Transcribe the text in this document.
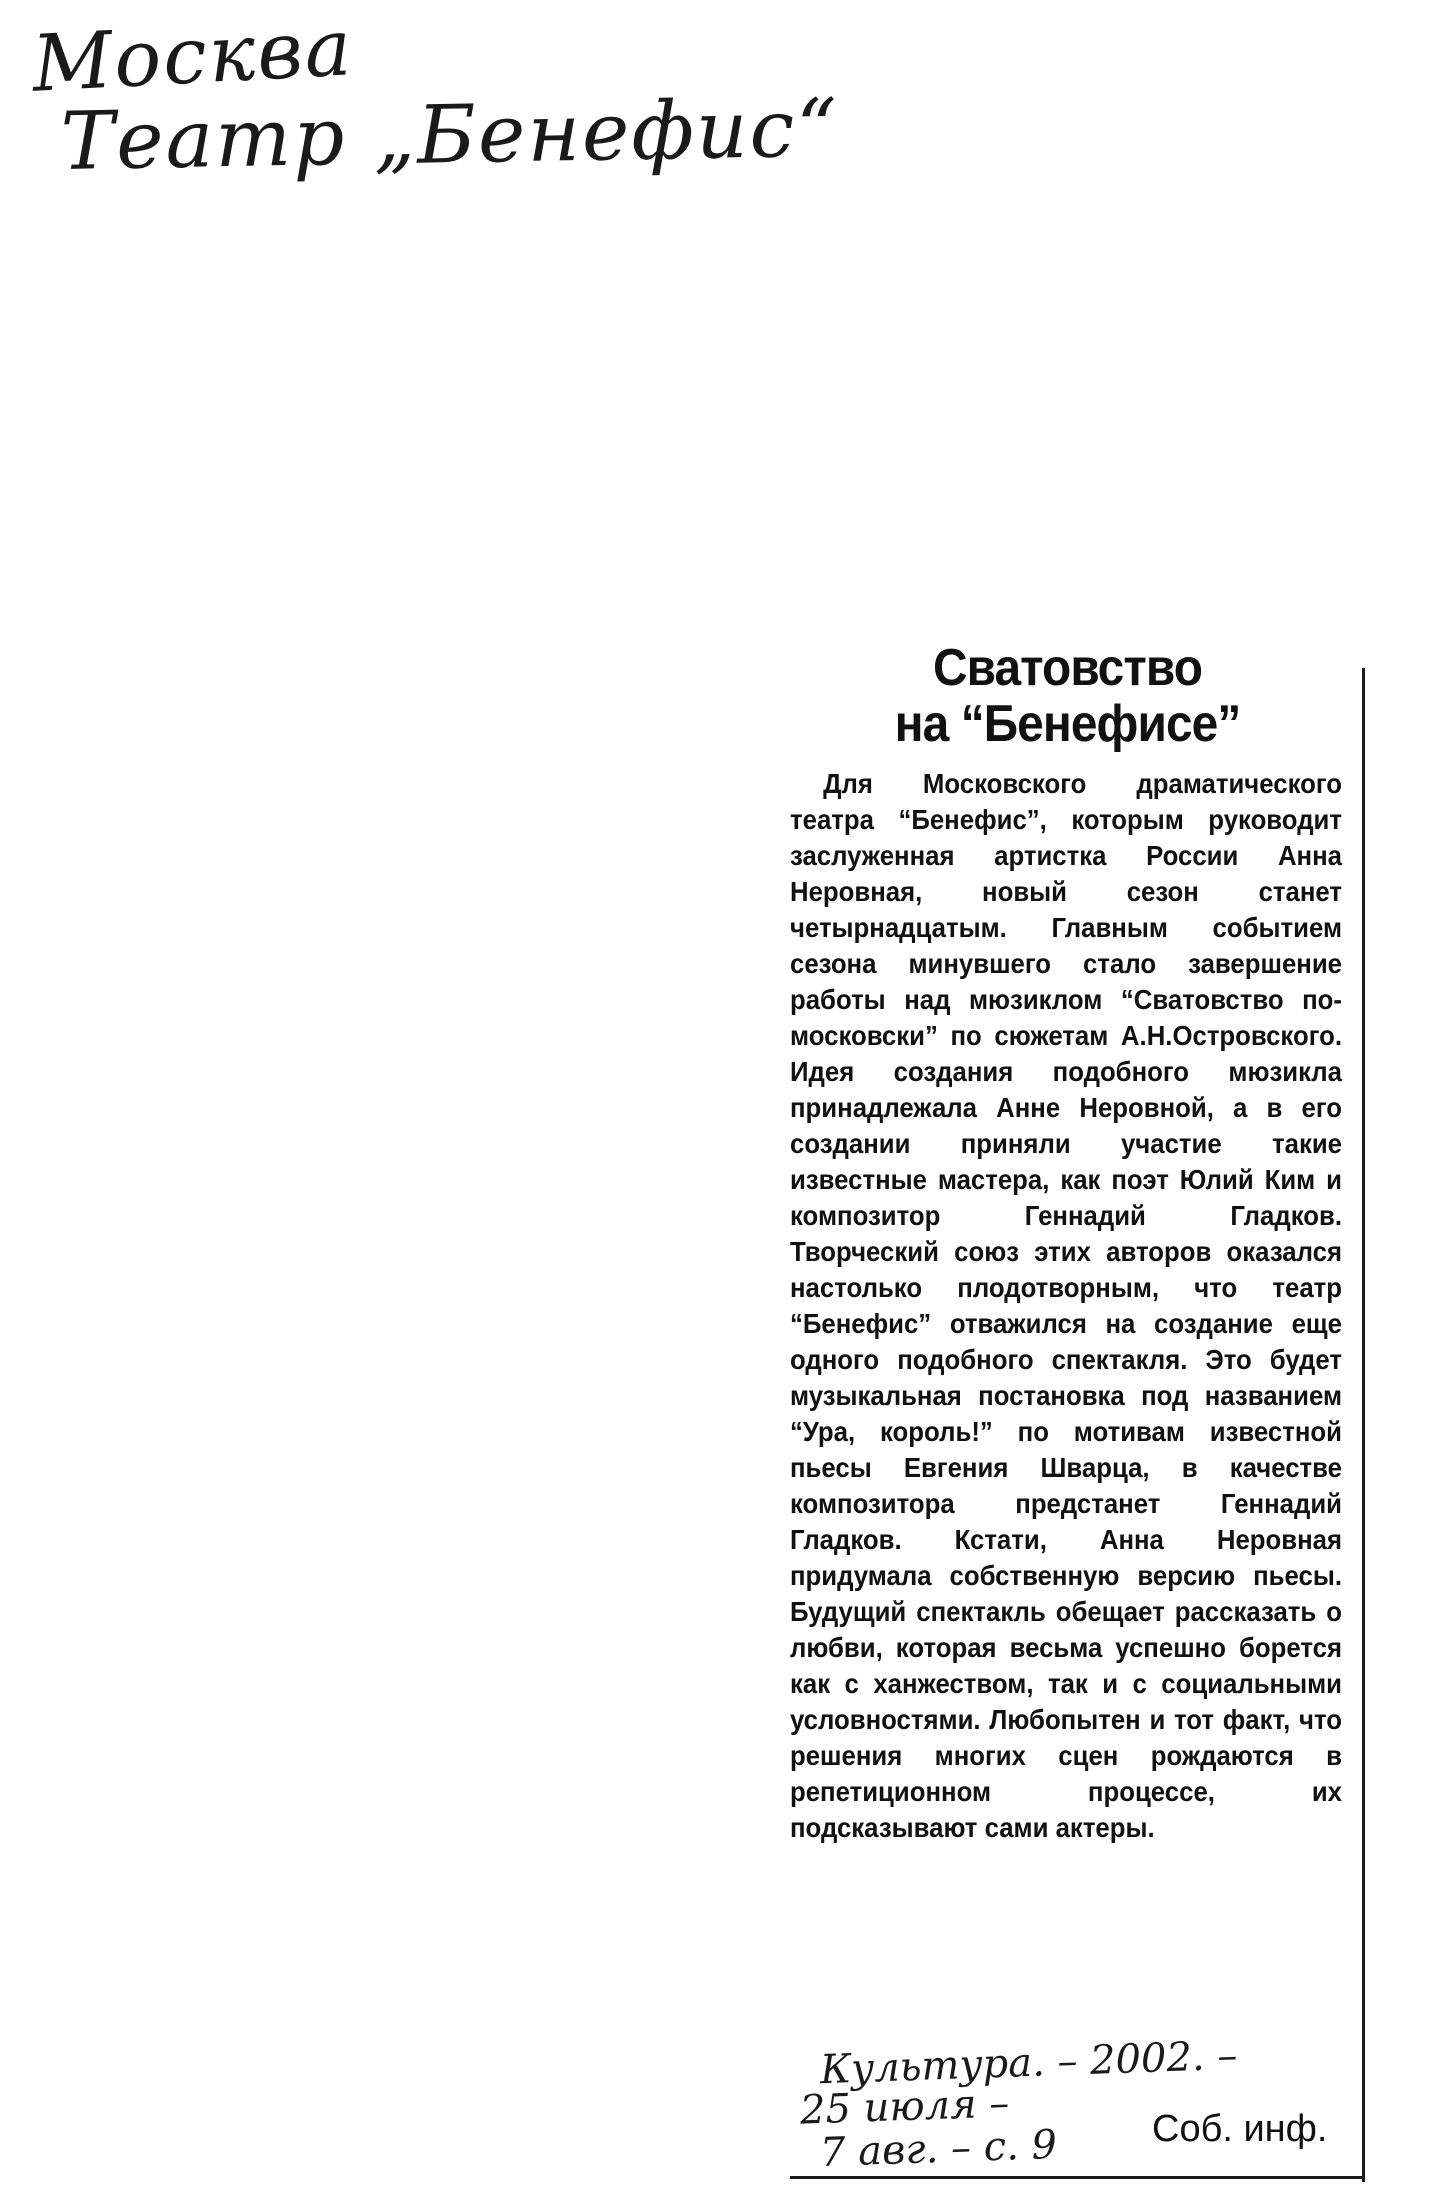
Москва
Театр „Бенефис“
Сватовство
на “Бенефисе”
Для Московского драматического театра “Бенефис”, которым руководит заслуженная артистка России Анна Неровная, новый сезон станет четырнадцатым. Главным событием сезона минувшего стало завершение работы над мюзиклом “Сватовство по-московски” по сюжетам А.Н.Островского. Идея создания подобного мюзикла принадлежала Анне Неровной, а в его создании приняли участие такие известные мастера, как поэт Юлий Ким и композитор Геннадий Гладков. Творческий союз этих авторов оказался настолько плодотворным, что театр “Бенефис” отважился на создание еще одного подобного спектакля. Это будет музыкальная постановка под названием “Ура, король!” по мотивам известной пьесы Евгения Шварца, в качестве композитора предстанет Геннадий Гладков. Кстати, Анна Неровная придумала собственную версию пьесы. Будущий спектакль обещает рассказать о любви, которая весьма успешно борется как с ханжеством, так и с социальными условностями. Любопытен и тот факт, что решения многих сцен рождаются в репетиционном процессе, их подсказывают сами актеры.
Культура. – 2002. –
25 июля –
7 авг. – с. 9 Соб. инф.
